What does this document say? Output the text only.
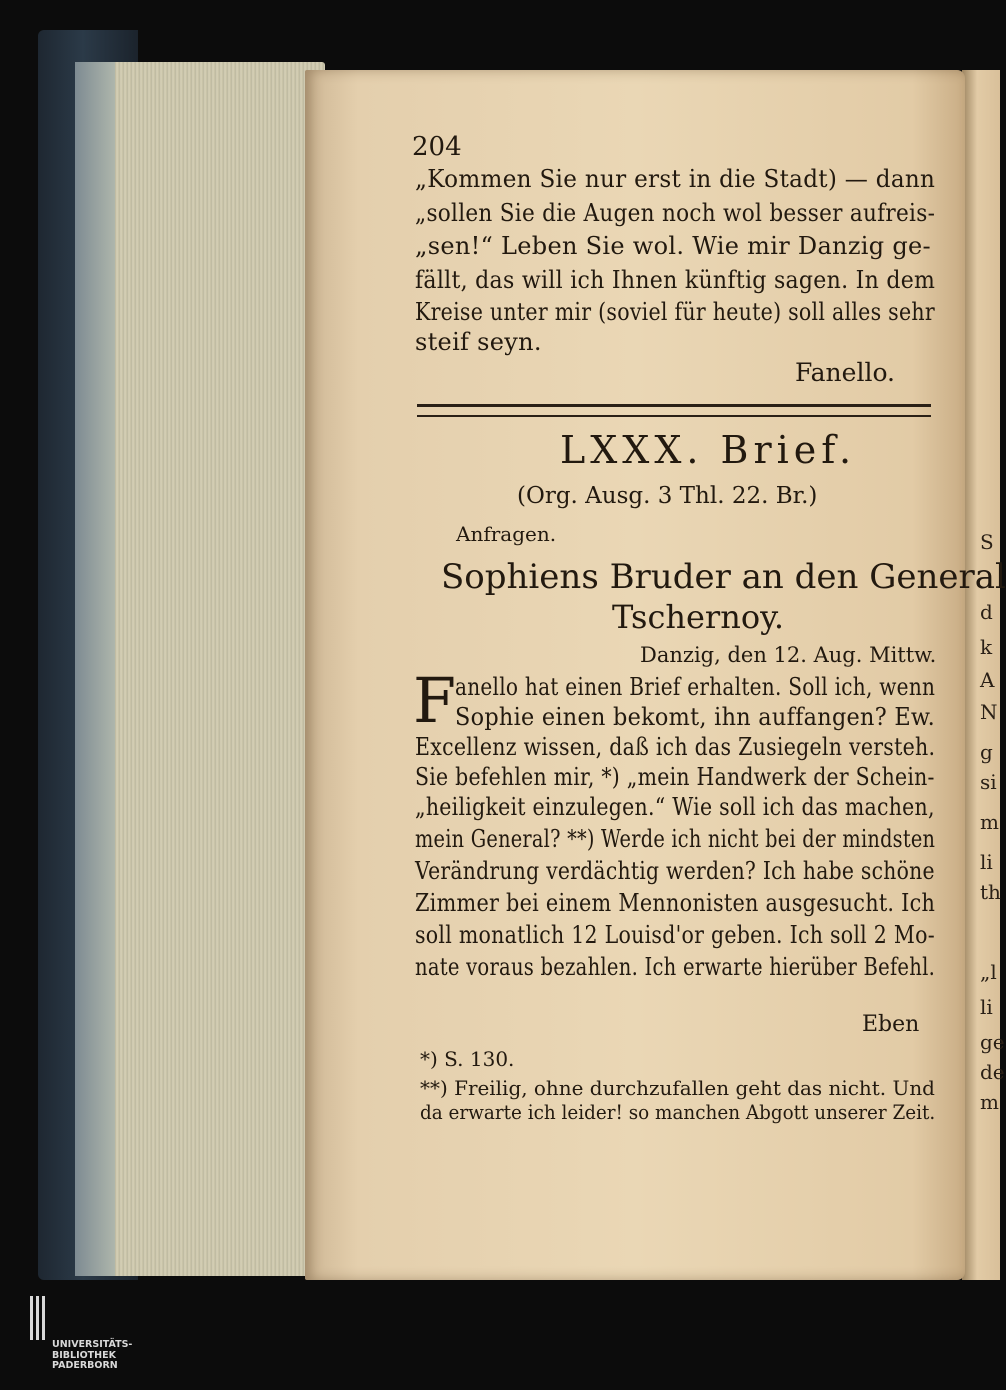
S
d
k
A
N
g
si
m
li
th
„l
li
ge
de
m
204
„Kommen Sie nur erst in die Stadt) — dann
„sollen Sie die Augen noch wol besser aufreis-
„sen!“ Leben Sie wol. Wie mir Danzig ge-
fällt, das will ich Ihnen künftig sagen. In dem
Kreise unter mir (soviel für heute) soll alles sehr
steif seyn.
Fanello.
LXXX. Brief.
(Org. Ausg. 3 Thl. 22. Br.)
Anfragen.
Sophiens Bruder an den General
Tschernoy.
Danzig, den 12. Aug. Mittw.
F
anello hat einen Brief erhalten. Soll ich, wenn
Sophie einen bekomt, ihn auffangen? Ew.
Excellenz wissen, daß ich das Zusiegeln versteh.
Sie befehlen mir, *) „mein Handwerk der Schein-
„heiligkeit einzulegen.“ Wie soll ich das machen,
mein General? **) Werde ich nicht bei der mindsten
Verändrung verdächtig werden? Ich habe schöne
Zimmer bei einem Mennonisten ausgesucht. Ich
soll monatlich 12 Louisd'or geben. Ich soll 2 Mo-
nate voraus bezahlen. Ich erwarte hierüber Befehl.
Eben
*) S. 130.
**) Freilig, ohne durchzufallen geht das nicht. Und
da erwarte ich leider! so manchen Abgott unserer Zeit.
UNIVERSITÄTS-
BIBLIOTHEK
PADERBORN
